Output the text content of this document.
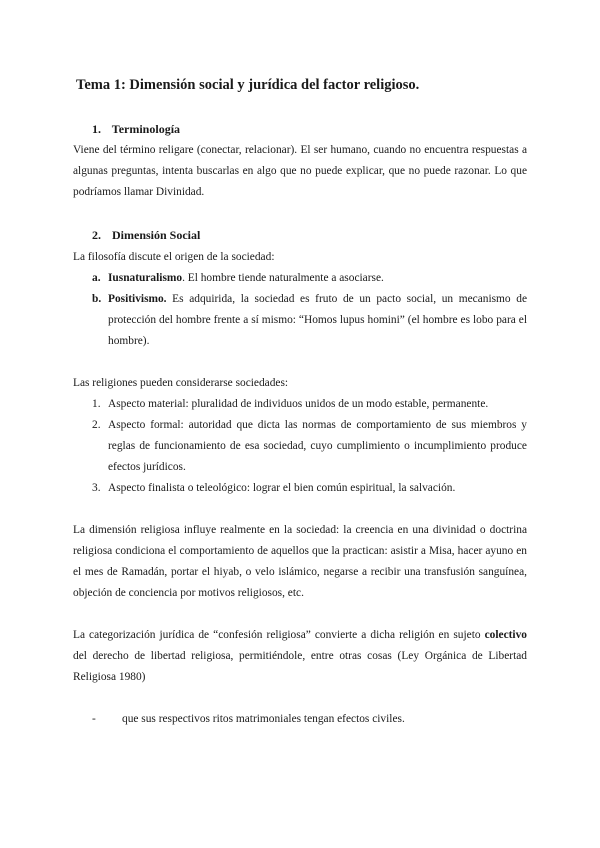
Tema 1: Dimensión social y jurídica del factor religioso.
1. Terminología
Viene del término religare (conectar, relacionar). El ser humano, cuando no encuentra respuestas a algunas preguntas, intenta buscarlas en algo que no puede explicar, que no puede razonar. Lo que podríamos llamar Divinidad.
2. Dimensión Social
La filosofía discute el origen de la sociedad:
a. Iusnaturalismo. El hombre tiende naturalmente a asociarse.
b. Positivismo. Es adquirida, la sociedad es fruto de un pacto social, un mecanismo de protección del hombre frente a sí mismo: “Homos lupus homini” (el hombre es lobo para el hombre).
Las religiones pueden considerarse sociedades:
1. Aspecto material: pluralidad de individuos unidos de un modo estable, permanente.
2. Aspecto formal: autoridad que dicta las normas de comportamiento de sus miembros y reglas de funcionamiento de esa sociedad, cuyo cumplimiento o incumplimiento produce efectos jurídicos.
3. Aspecto finalista o teleológico: lograr el bien común espiritual, la salvación.
La dimensión religiosa influye realmente en la sociedad: la creencia en una divinidad o doctrina religiosa condiciona el comportamiento de aquellos que la practican: asistir a Misa, hacer ayuno en el mes de Ramadán, portar el hiyab, o velo islámico, negarse a recibir una transfusión sanguínea, objeción de conciencia por motivos religiosos, etc.
La categorización jurídica de “confesión religiosa” convierte a dicha religión en sujeto colectivo del derecho de libertad religiosa, permitiéndole, entre otras cosas (Ley Orgánica de Libertad Religiosa 1980)
- que sus respectivos ritos matrimoniales tengan efectos civiles.
